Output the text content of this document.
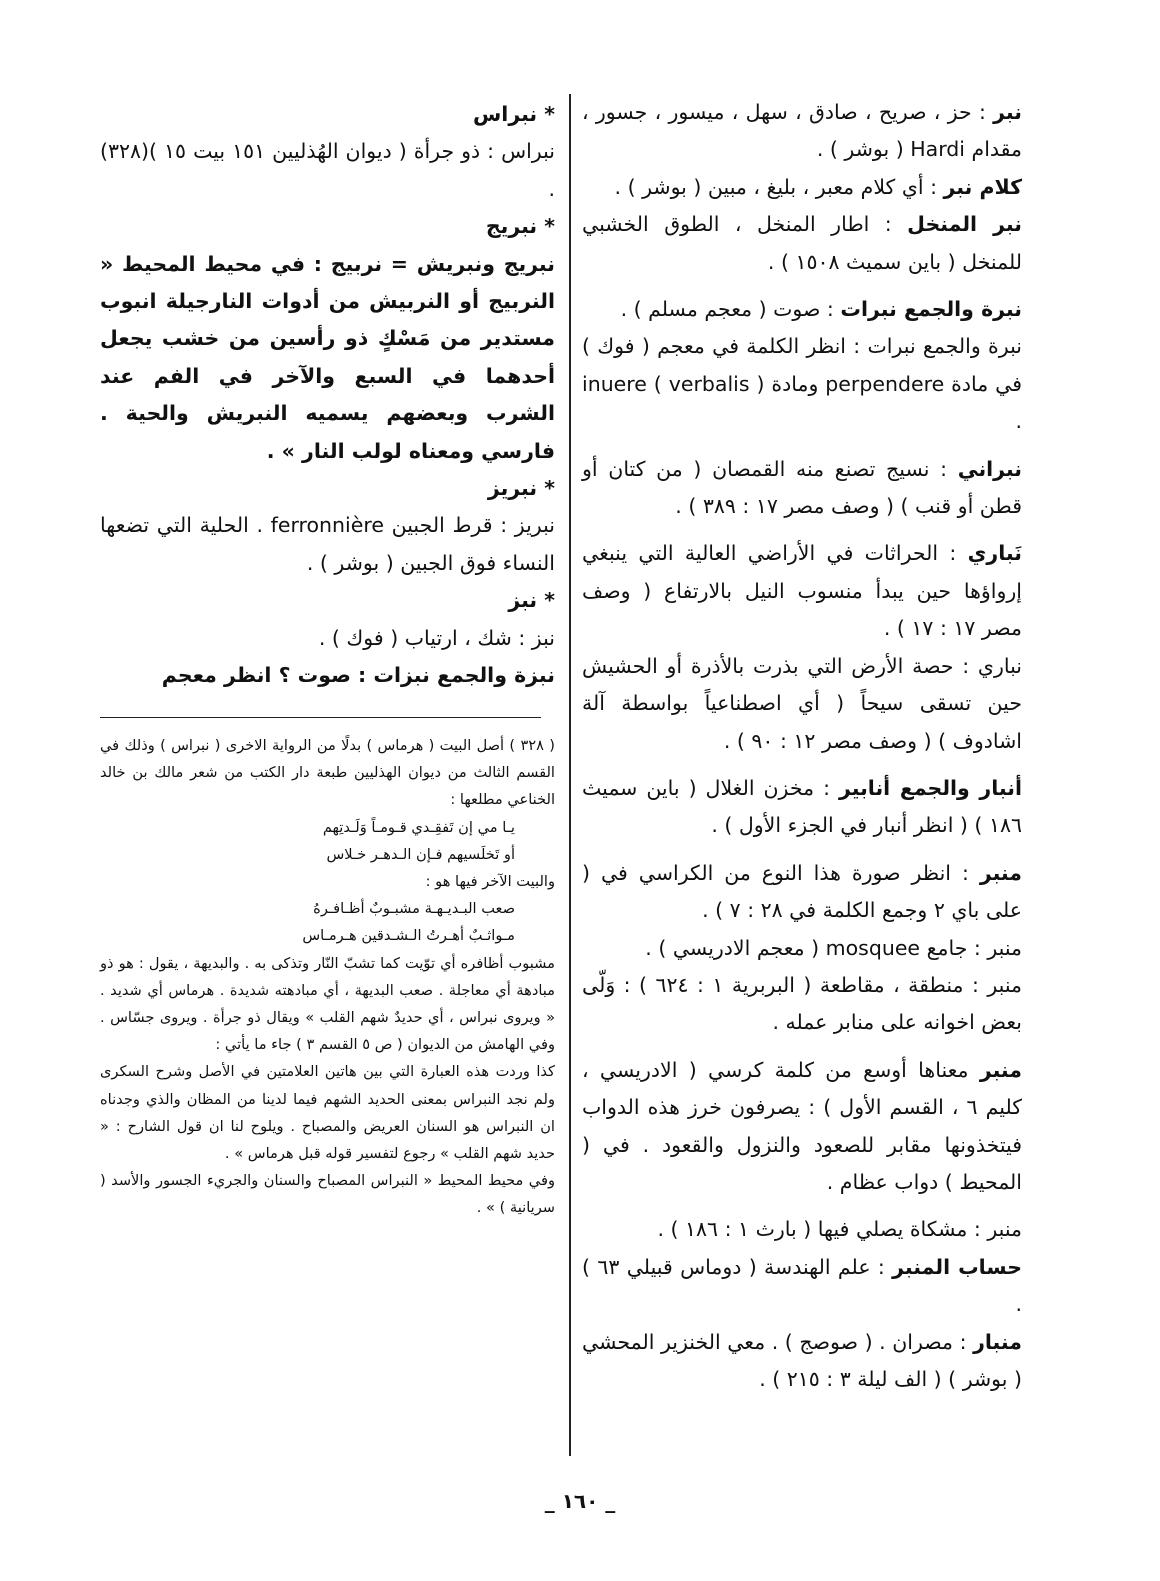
نبر : حز ، صريح ، صادق ، سهل ، ميسور ، جسور ، مقدام Hardi ( بوشر ) .

كلام نبر : أي كلام معبر ، بليغ ، مبين ( بوشر ) .

نبر المنخل : اطار المنخل ، الطوق الخشبي للمنخل ( باين سميث ١٥٠٨ ) .

نبرة والجمع نبرات : صوت ( معجم مسلم ) .

نبرة والجمع نبرات : انظر الكلمة في معجم ( فوك ) في مادة perpendere ومادة inuere ( verbalis ) .

نبراني : نسيج تصنع منه القمصان ( من كتان أو قطن أو قنب ) ( وصف مصر ١٧ : ٣٨٩ ) .

نَباري : الحراثات في الأراضي العالية التي ينبغي إرواؤها حين يبدأ منسوب النيل بالارتفاع ( وصف مصر ١٧ : ١٧ ) .

نباري : حصة الأرض التي بذرت بالأذرة أو الحشيش حين تسقى سيحاً ( أي اصطناعياً بواسطة آلة اشادوف ) ( وصف مصر ١٢ : ٩٠ ) .

أنبار والجمع أنابير : مخزن الغلال ( باين سميث ١٨٦ ) ( انظر أنبار في الجزء الأول ) .

منبر : انظر صورة هذا النوع من الكراسي في ( على باي ٢ وجمع الكلمة في ٢٨ : ٧ ) .

منبر : جامع mosquee ( معجم الادريسي ) .

منبر : منطقة ، مقاطعة ( البربرية ١ : ٦٢٤ ) : وَلّى بعض اخوانه على منابر عمله .

منبر معناها أوسع من كلمة كرسي ( الادريسي ، كليم ٦ ، القسم الأول ) : يصرفون خرز هذه الدواب فيتخذونها مقابر للصعود والنزول والقعود . في ( المحيط ) دواب عظام .

منبر : مشكاة يصلي فيها ( بارث ١ : ١٨٦ ) .

حساب المنبر : علم الهندسة ( دوماس قبيلي ٦٣ ) .

منبار : مصران . ( صوصج ) . معي الخنزير المحشي ( بوشر ) ( الف ليلة ٣ : ٢١٥ ) .

* نبراس

نبراس : ذو جرأة ( ديوان الهُذليين ١٥١ بيت ١٥ )(٣٢٨) .

* نبريج

نبريج ونبريش = نربيج : في محيط المحيط « النربيج أو النربيش من أدوات النارجيلة انبوب مستدير من مَسْكٍ ذو رأسين من خشب يجعل أحدهما في السبع والآخر في الفم عند الشرب وبعضهم يسميه النبريش والحية . فارسي ومعناه لولب النار » .

* نبريز

نبريز : قرط الجبين ferronnière . الحلية التي تضعها النساء فوق الجبين ( بوشر ) .

* نبز

نبز : شك ، ارتياب ( فوك ) .

نبزة والجمع نبزات : صوت ؟ انظر معجم

( ٣٢٨ ) أصل البيت ( هرماس ) بدلًا من الرواية الاخرى ( نبراس ) وذلك في القسم الثالث من ديوان الهذليين طبعة دار الكتب من شعر مالك بن خالد الخناعي مطلعها :

يـا مي إن تَفقِـدي قـومـاً وَلَـدتِهم

أو تَخلَسيهم فـإن الـدهـر خـلاس

والبيت الآخر فيها هو :

صعب البـديـهـة مشبـوبٌ أظـافـرهُ

مـواثـبٌ أهـرتُ الـشـدقين هـرمـاس

مشبوب أظافره أي توّيت كما تشبّ النّار وتذكى به . والبديهة ، يقول : هو ذو مبادهة أي معاجلة . صعب البديهة ، أي مبادهته شديدة . هرماس أي شديد . « ويروى نبراس ، أي حديدٌ شهم القلب » ويقال ذو جرأة . ويروى جسّاس . وفي الهامش من الديوان ( ص ٥ القسم ٣ ) جاء ما يأتي :

كذا وردت هذه العبارة التي بين هاتين العلامتين في الأصل وشرح السكرى ولم نجد النبراس بمعنى الحديد الشهم فيما لدينا من المظان والذي وجدناه ان النبراس هو السنان العريض والمصباح . ويلوح لنا ان قول الشارح : « حديد شهم القلب » رجوع لتفسير قوله قبل هرماس » .

وفي محيط المحيط « النبراس المصباح والسنان والجريء الجسور والأسد ( سريانية ) » .

_ ١٦٠ _
